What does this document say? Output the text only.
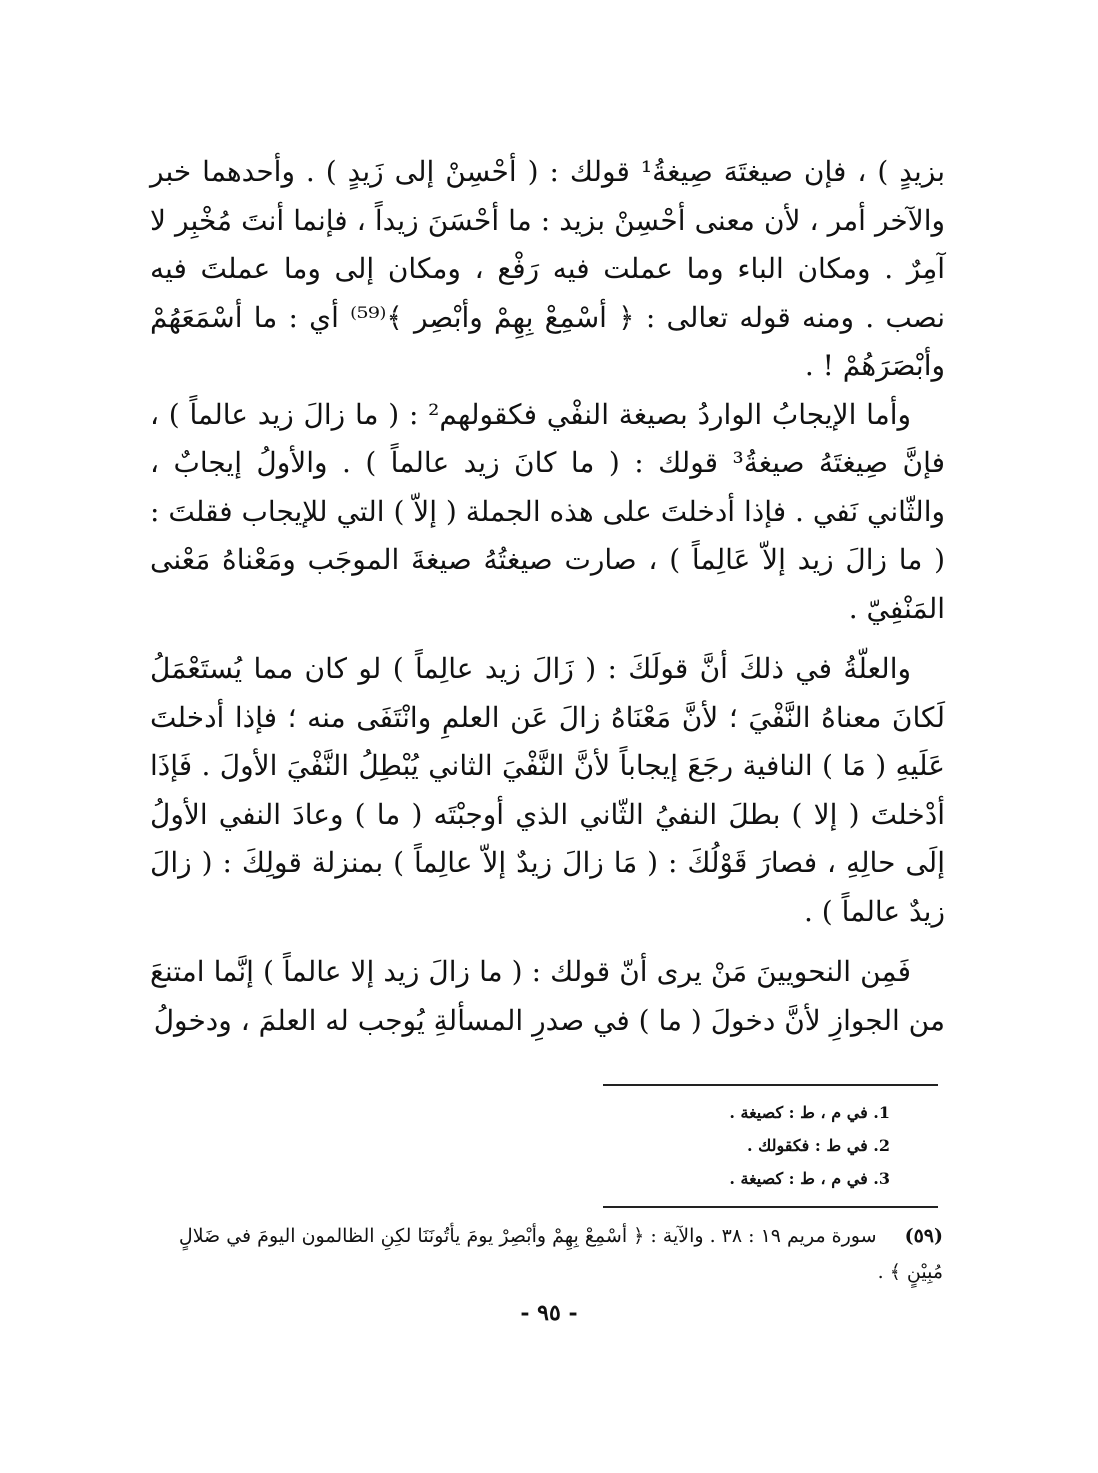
بزيدٍ ) ، فإن صيغتَهَ صِيغةُ¹ قولك : ( أحْسِنْ إلى زَيدٍ ) . وأحدهما خبر والآخر أمر ، لأن معنى أحْسِنْ بزيد : ما أحْسَنَ زيداً ، فإنما أنتَ مُخْبِر لا آمِرٌ . ومكان الباء وما عملت فيه رَفْع ، ومكان إلى وما عملتَ فيه نصب . ومنه قوله تعالى : ﴿ أسْمِعْ بِهِمْ وأبْصِر ﴾⁽⁵⁹⁾ أي : ما أسْمَعَهُمْ وأبْصَرَهُمْ ! .

وأما الإيجابُ الواردُ بصيغة النفْي فكقولهم² : ( ما زالَ زيد عالماً ) ، فإنَّ صِيغتَهُ صيغةُ³ قولك : ( ما كانَ زيد عالماً ) . والأولُ إيجابٌ ، والثّاني نَفي . فإذا أدخلتَ على هذه الجملة ( إلاّ ) التي للإيجاب فقلتَ : ( ما زالَ زيد إلاّ عَالِماً ) ، صارت صيغتُهُ صيغةَ الموجَب ومَعْناهُ مَعْنى المَنْفِيّ .

والعلّةُ في ذلكَ أنَّ قولَكَ : ( زَالَ زيد عالِماً ) لو كان مما يُستَعْمَلُ لَكانَ معناهُ النَّفْيَ ؛ لأنَّ مَعْنَاهُ زالَ عَن العلمِ وانْتَفَى منه ؛ فإذا أدخلتَ عَلَيهِ ( مَا ) النافية رجَعَ إيجاباً لأنَّ النَّفْيَ الثاني يُبْطِلُ النَّفْيَ الأولَ . فَإذَا أدْخلتَ ( إلا ) بطلَ النفيُ الثّاني الذي أوجبْتَه ( ما ) وعادَ النفي الأولُ إلَى حالِهِ ، فصارَ قَوْلُكَ : ( مَا زالَ زيدٌ إلاّ عالِماً ) بمنزلة قولِكَ : ( زالَ زيدٌ عالماً ) .

فَمِن النحويينَ مَنْ يرى أنّ قولك : ( ما زالَ زيد إلا عالماً ) إنَّما امتنعَ من الجوازِ لأنَّ دخولَ ( ما ) في صدرِ المسألةِ يُوجب له العلمَ ، ودخولُ

1. في م ، ط : كصيغة .
2. في ط : فكقولك .
3. في م ، ط : كصيغة .
(٥٩) سورة مريم ١٩ : ٣٨ . والآية : ﴿ أسْمِعْ بِهِمْ وأبْصِرْ يومَ يأتُونَنَا لكِنِ الظالمون اليومَ في ضَلالٍ مُبِيْنٍ ﴾ .
- ٩٥ -
